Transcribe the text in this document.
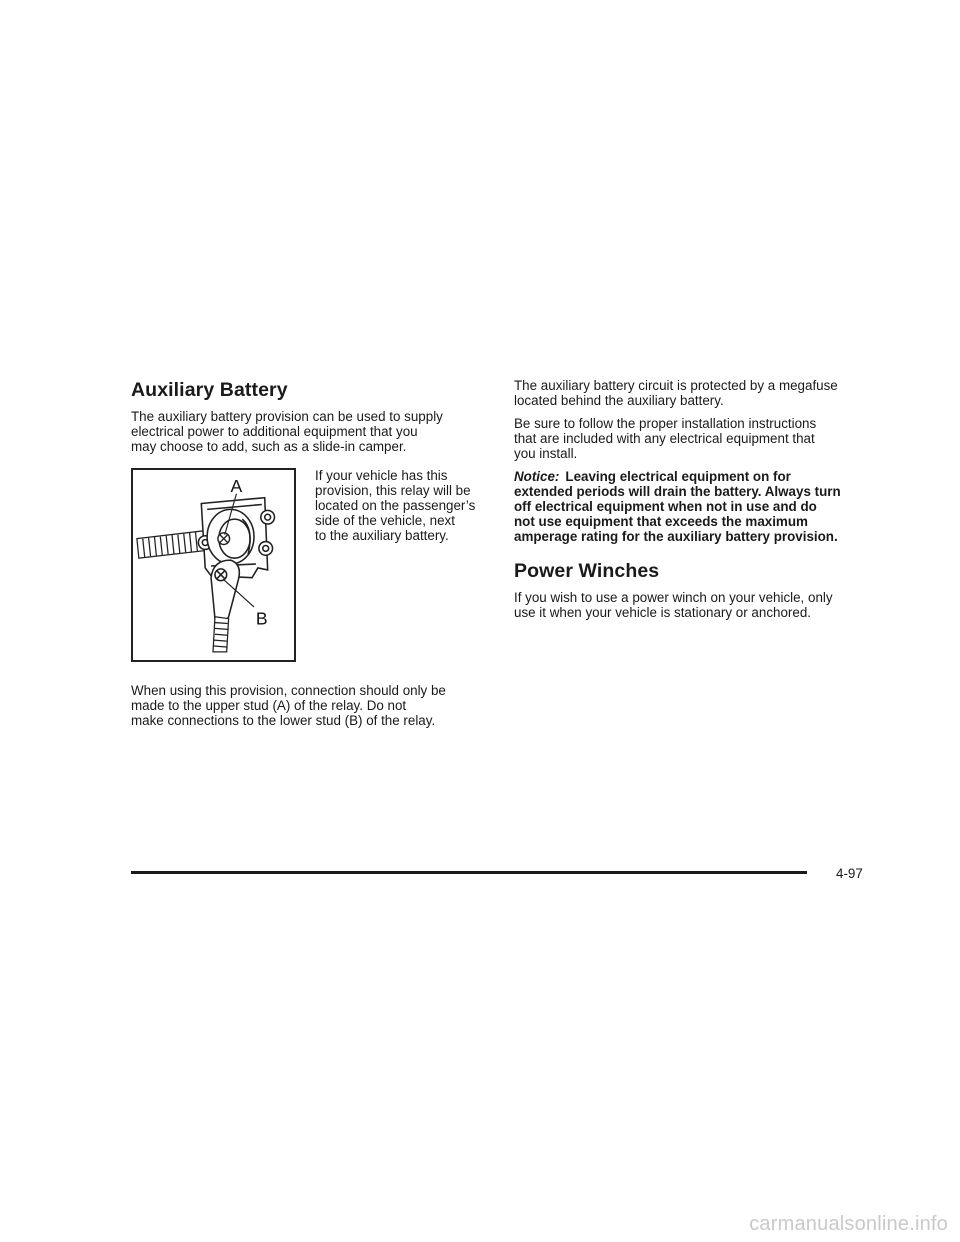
Auxiliary Battery

The auxiliary battery provision can be used to supply
electrical power to additional equipment that you
may choose to add, such as a slide-in camper.

A
B

If your vehicle has this
provision, this relay will be
located on the passenger’s
side of the vehicle, next
to the auxiliary battery.

When using this provision, connection should only be
made to the upper stud (A) of the relay. Do not
make connections to the lower stud (B) of the relay.

The auxiliary battery circuit is protected by a megafuse
located behind the auxiliary battery.

Be sure to follow the proper installation instructions
that are included with any electrical equipment that
you install.

Notice: Leaving electrical equipment on for
extended periods will drain the battery. Always turn
off electrical equipment when not in use and do
not use equipment that exceeds the maximum
amperage rating for the auxiliary battery provision.

Power Winches

If you wish to use a power winch on your vehicle, only
use it when your vehicle is stationary or anchored.

4-97
carmanualsonline.info
